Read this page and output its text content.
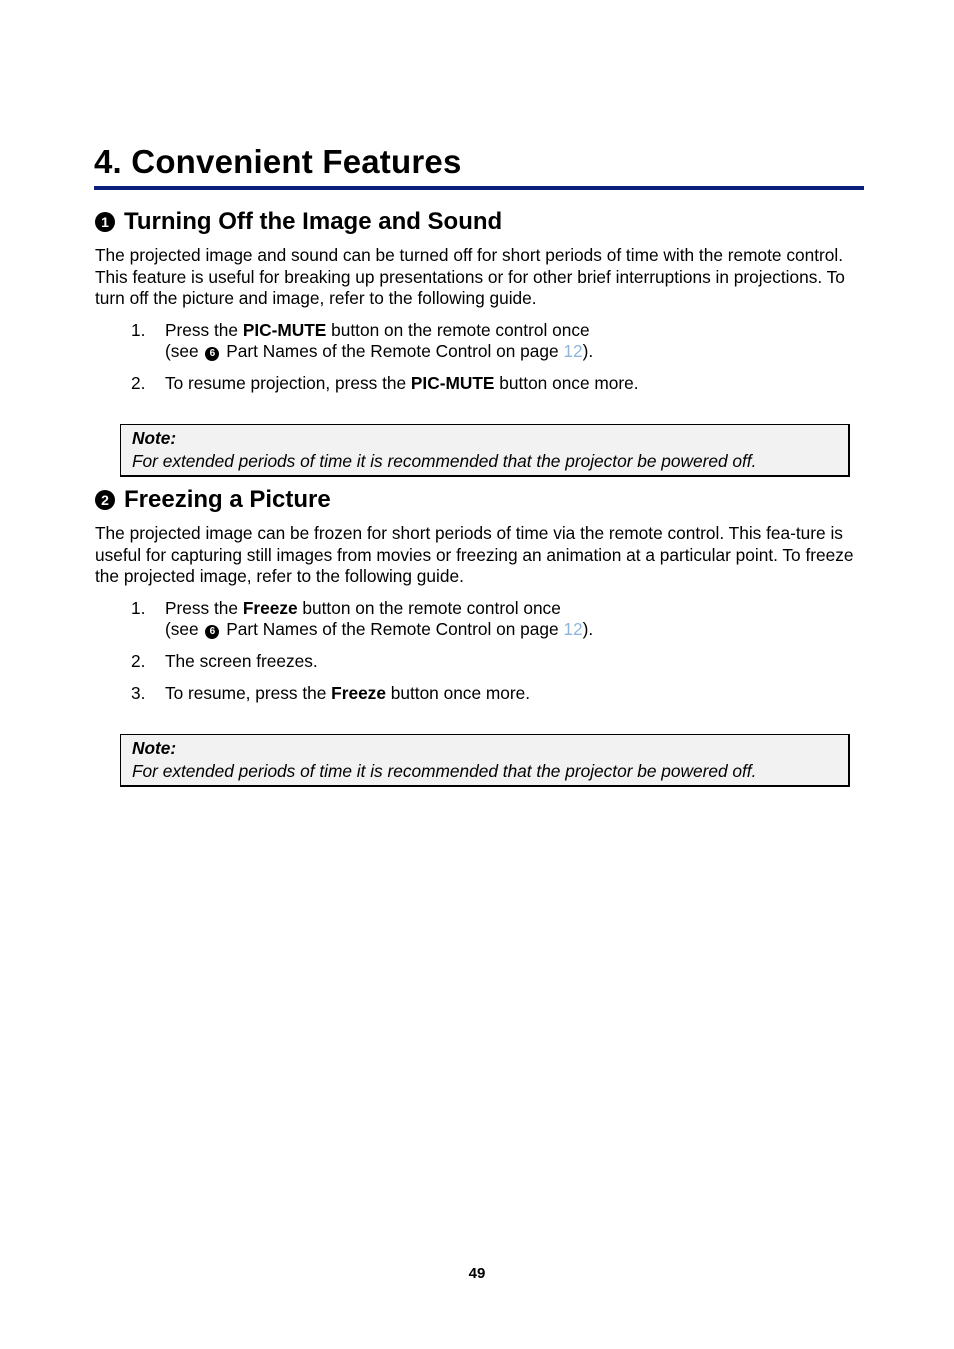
4. Convenient Features
1 Turning Off the Image and Sound

The projected image and sound can be turned off for short periods of time with the remote control. This feature is useful for breaking up presentations or for other brief interruptions in projections. To turn off the picture and image, refer to the following guide.

1.	Press the PIC-MUTE button on the remote control once
(see 6 Part Names of the Remote Control on page 12).
2.	To resume projection, press the PIC-MUTE button once more.
Note:
For extended periods of time it is recommended that the projector be powered off.
2 Freezing a Picture

The projected image can be frozen for short periods of time via the remote control. This fea-ture is useful for capturing still images from movies or freezing an animation at a particular point. To freeze the projected image, refer to the following guide.

1.	Press the Freeze button on the remote control once
(see 6 Part Names of the Remote Control on page 12).
2.	The screen freezes.
3.	To resume, press the Freeze button once more.
Note:
For extended periods of time it is recommended that the projector be powered off.
49
